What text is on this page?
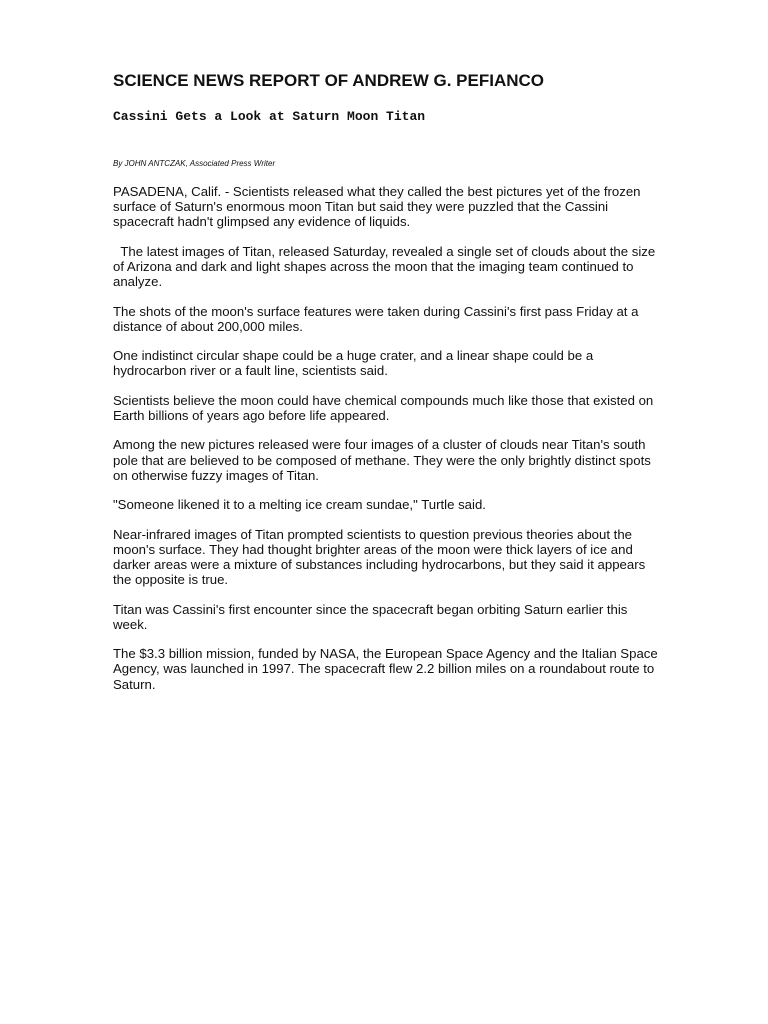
SCIENCE NEWS REPORT OF ANDREW G. PEFIANCO
Cassini Gets a Look at Saturn Moon Titan

By JOHN ANTCZAK, Associated Press Writer

PASADENA, Calif. - Scientists released what they called the best pictures yet of the frozen surface of Saturn's enormous moon Titan but said they were puzzled that the Cassini spacecraft hadn't glimpsed any evidence of liquids.

The latest images of Titan, released Saturday, revealed a single set of clouds about the size of Arizona and dark and light shapes across the moon that the imaging team continued to analyze.

The shots of the moon's surface features were taken during Cassini's first pass Friday at a distance of about 200,000 miles.

One indistinct circular shape could be a huge crater, and a linear shape could be a hydrocarbon river or a fault line, scientists said.

Scientists believe the moon could have chemical compounds much like those that existed on Earth billions of years ago before life appeared.

Among the new pictures released were four images of a cluster of clouds near Titan's south pole that are believed to be composed of methane. They were the only brightly distinct spots on otherwise fuzzy images of Titan.

"Someone likened it to a melting ice cream sundae," Turtle said.

Near-infrared images of Titan prompted scientists to question previous theories about the moon's surface. They had thought brighter areas of the moon were thick layers of ice and darker areas were a mixture of substances including hydrocarbons, but they said it appears the opposite is true.

Titan was Cassini's first encounter since the spacecraft began orbiting Saturn earlier this week.

The $3.3 billion mission, funded by NASA, the European Space Agency and the Italian Space Agency, was launched in 1997. The spacecraft flew 2.2 billion miles on a roundabout route to Saturn.
